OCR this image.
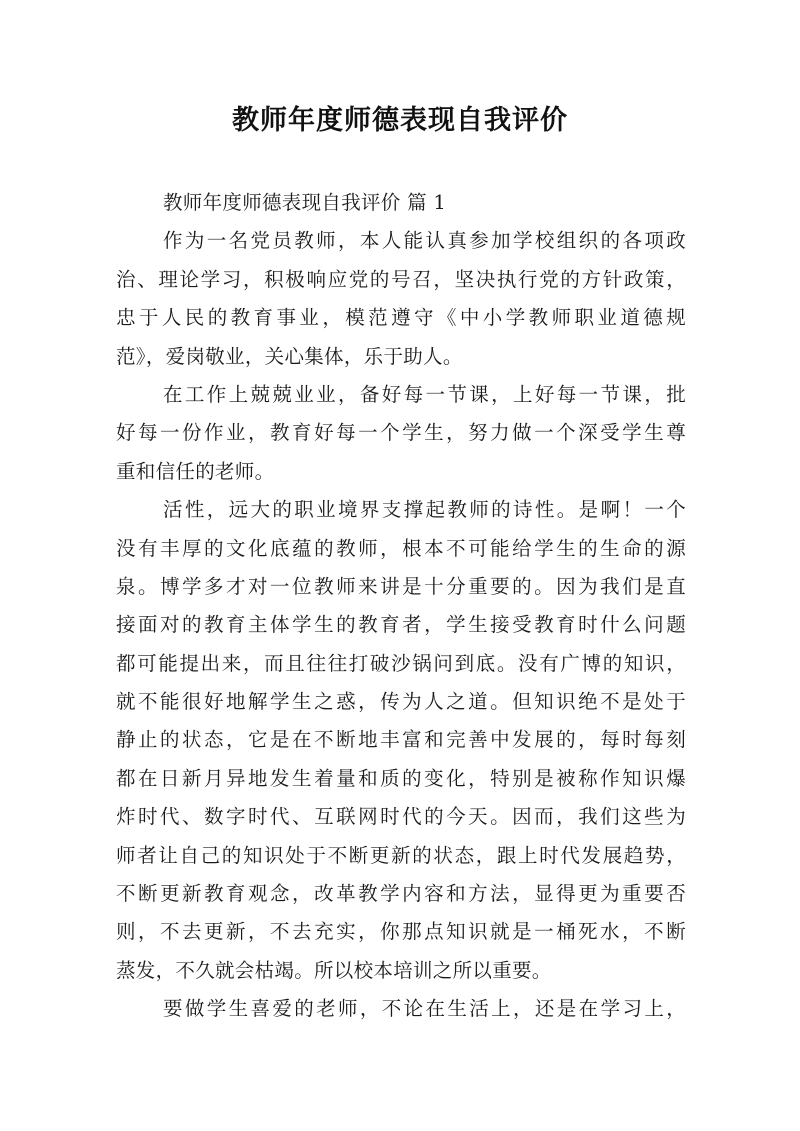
教师年度师德表现自我评价
教师年度师德表现自我评价 篇 1
作为一名党员教师，本人能认真参加学校组织的各项政
治、理论学习，积极响应党的号召，坚决执行党的方针政策，
忠于人民的教育事业，模范遵守《中小学教师职业道德规
范》，爱岗敬业，关心集体，乐于助人。
在工作上兢兢业业，备好每一节课，上好每一节课，批
好每一份作业，教育好每一个学生，努力做一个深受学生尊
重和信任的老师。
活性，远大的职业境界支撑起教师的诗性。是啊！一个
没有丰厚的文化底蕴的教师，根本不可能给学生的生命的源
泉。博学多才对一位教师来讲是十分重要的。因为我们是直
接面对的教育主体学生的教育者，学生接受教育时什么问题
都可能提出来，而且往往打破沙锅问到底。没有广博的知识，
就不能很好地解学生之惑，传为人之道。但知识绝不是处于
静止的状态，它是在不断地丰富和完善中发展的，每时每刻
都在日新月异地发生着量和质的变化，特别是被称作知识爆
炸时代、数字时代、互联网时代的今天。因而，我们这些为
师者让自己的知识处于不断更新的状态，跟上时代发展趋势，
不断更新教育观念，改革教学内容和方法，显得更为重要否
则，不去更新，不去充实，你那点知识就是一桶死水，不断
蒸发，不久就会枯竭。所以校本培训之所以重要。
要做学生喜爱的老师，不论在生活上，还是在学习上，
